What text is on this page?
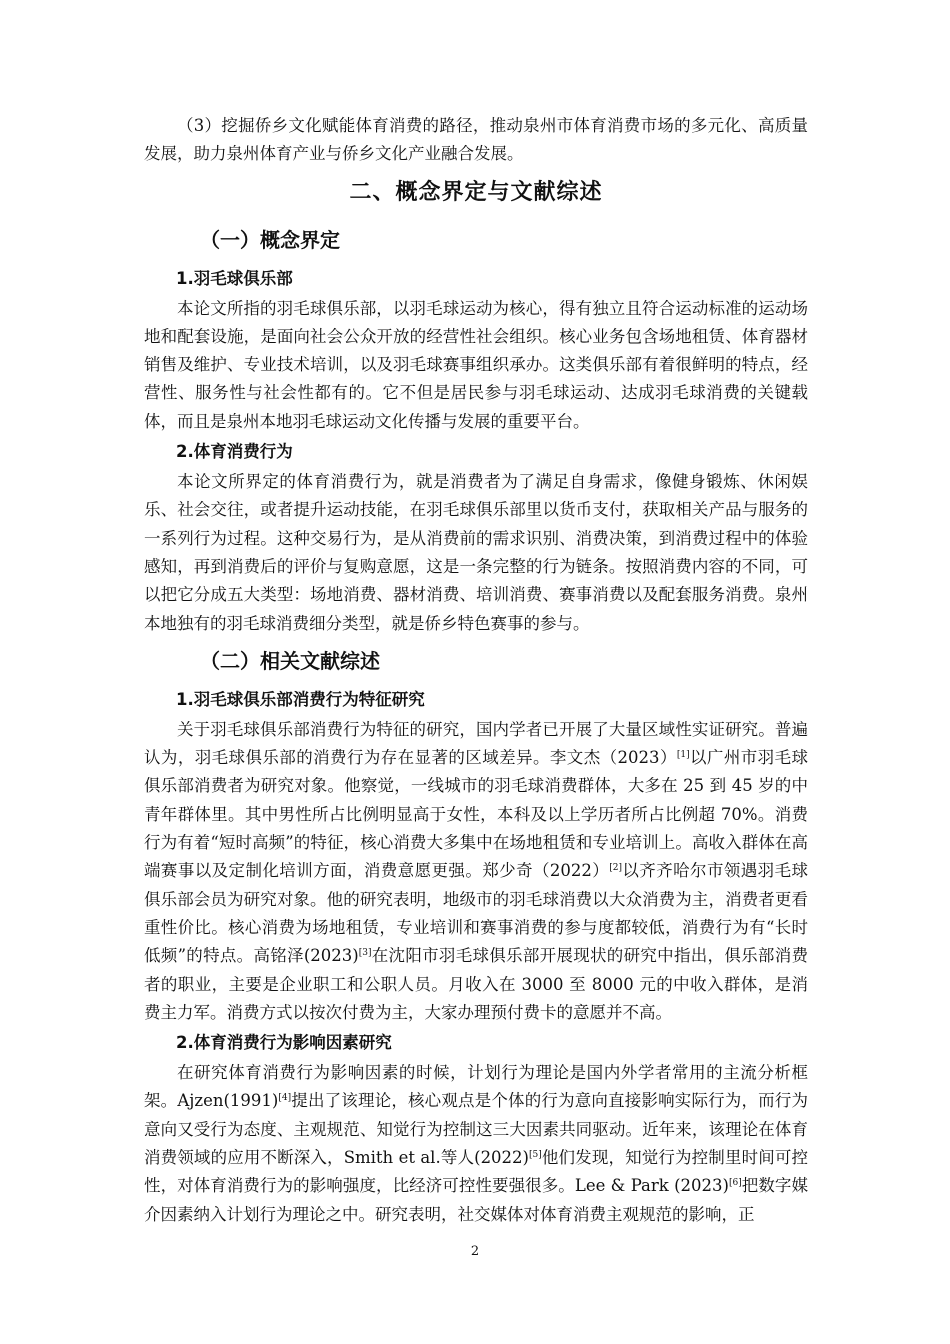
（3）挖掘侨乡文化赋能体育消费的路径，推动泉州市体育消费市场的多元化、高质量发展，助力泉州体育产业与侨乡文化产业融合发展。

二、概念界定与文献综述
（一）概念界定
1.羽毛球俱乐部

本论文所指的羽毛球俱乐部，以羽毛球运动为核心，得有独立且符合运动标准的运动场地和配套设施，是面向社会公众开放的经营性社会组织。核心业务包含场地租赁、体育器材销售及维护、专业技术培训，以及羽毛球赛事组织承办。这类俱乐部有着很鲜明的特点，经营性、服务性与社会性都有的。它不但是居民参与羽毛球运动、达成羽毛球消费的关键载体，而且是泉州本地羽毛球运动文化传播与发展的重要平台。

2.体育消费行为

本论文所界定的体育消费行为，就是消费者为了满足自身需求，像健身锻炼、休闲娱乐、社会交往，或者提升运动技能，在羽毛球俱乐部里以货币支付，获取相关产品与服务的一系列行为过程。这种交易行为，是从消费前的需求识别、消费决策，到消费过程中的体验感知，再到消费后的评价与复购意愿，这是一条完整的行为链条。按照消费内容的不同，可以把它分成五大类型：场地消费、器材消费、培训消费、赛事消费以及配套服务消费。泉州本地独有的羽毛球消费细分类型，就是侨乡特色赛事的参与。

（二）相关文献综述
1.羽毛球俱乐部消费行为特征研究

关于羽毛球俱乐部消费行为特征的研究，国内学者已开展了大量区域性实证研究。普遍认为，羽毛球俱乐部的消费行为存在显著的区域差异。李文杰（2023）[1]以广州市羽毛球俱乐部消费者为研究对象。他察觉，一线城市的羽毛球消费群体，大多在 25 到 45 岁的中青年群体里。其中男性所占比例明显高于女性，本科及以上学历者所占比例超 70%。消费行为有着“短时高频”的特征，核心消费大多集中在场地租赁和专业培训上。高收入群体在高端赛事以及定制化培训方面，消费意愿更强。郑少奇（2022）[2]以齐齐哈尔市领遇羽毛球俱乐部会员为研究对象。他的研究表明，地级市的羽毛球消费以大众消费为主，消费者更看重性价比。核心消费为场地租赁，专业培训和赛事消费的参与度都较低，消费行为有“长时低频”的特点。高铭泽(2023)[3]在沈阳市羽毛球俱乐部开展现状的研究中指出，俱乐部消费者的职业，主要是企业职工和公职人员。月收入在 3000 至 8000 元的中收入群体，是消费主力军。消费方式以按次付费为主，大家办理预付费卡的意愿并不高。

2.体育消费行为影响因素研究

在研究体育消费行为影响因素的时候，计划行为理论是国内外学者常用的主流分析框架。Ajzen(1991)[4]提出了该理论，核心观点是个体的行为意向直接影响实际行为，而行为意向又受行为态度、主观规范、知觉行为控制这三大因素共同驱动。近年来，该理论在体育消费领域的应用不断深入，Smith et al.等人(2022)[5]他们发现，知觉行为控制里时间可控性，对体育消费行为的影响强度，比经济可控性要强很多。Lee & Park (2023)[6]把数字媒介因素纳入计划行为理论之中。研究表明，社交媒体对体育消费主观规范的影响，正

2
